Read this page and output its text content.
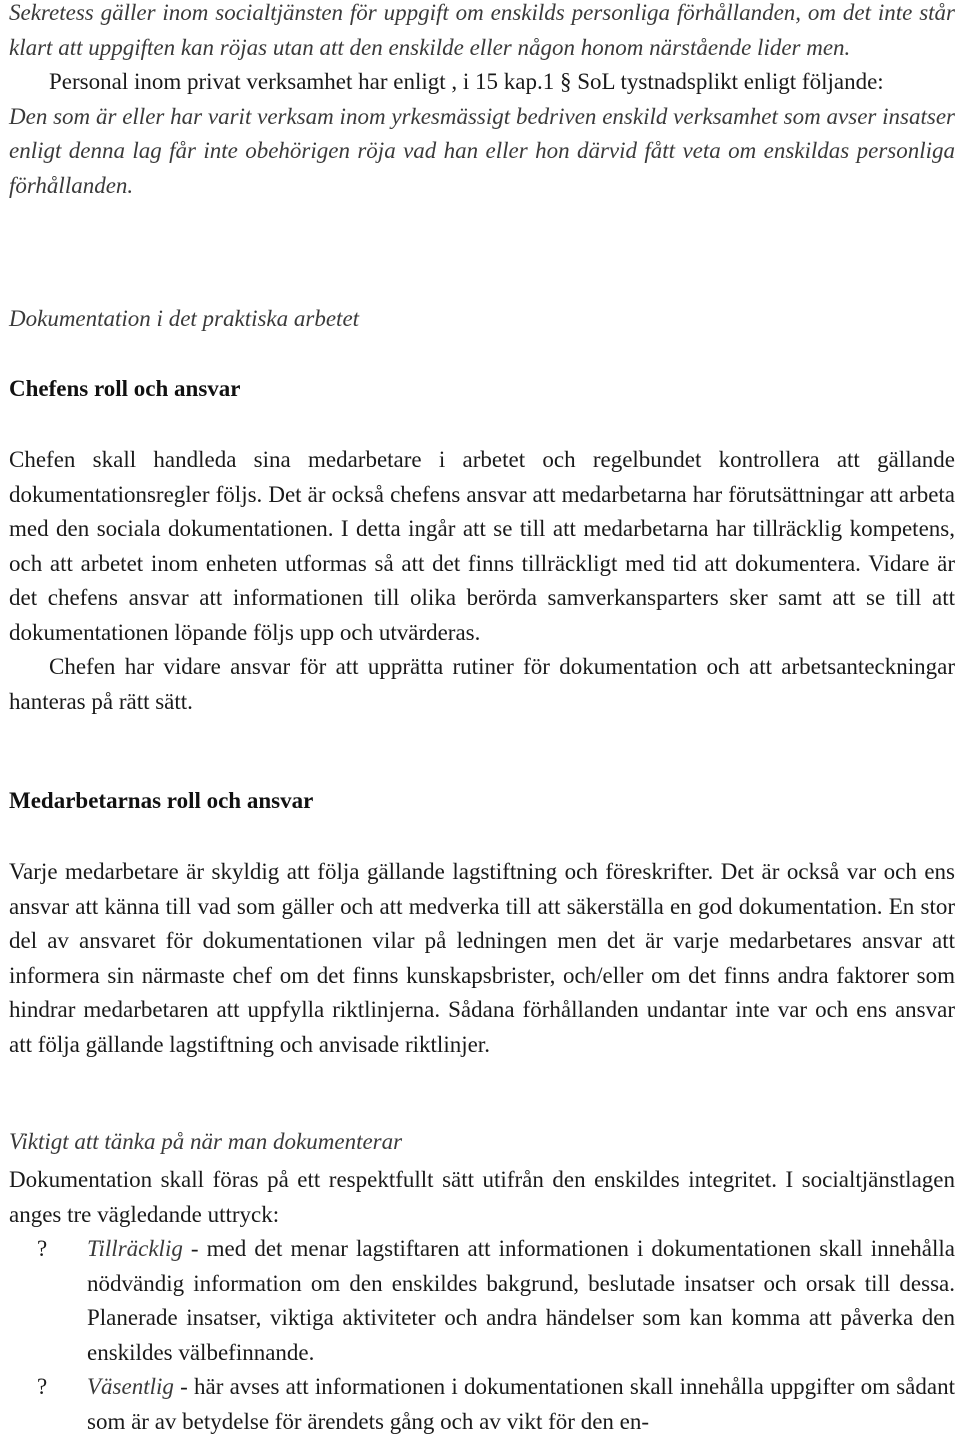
Sekretess gäller inom socialtjänsten för uppgift om enskilds personliga förhållanden, om det inte står klart att uppgiften kan röjas utan att den enskilde eller någon honom närstående lider men.

Personal inom privat verksamhet har enligt , i 15 kap.1 § SoL tystnadsplikt enligt följande:

Den som är eller har varit verksam inom yrkesmässigt bedriven enskild verksamhet som avser insatser enligt denna lag får inte obehörigen röja vad han eller hon därvid fått veta om enskildas personliga förhållanden.

Dokumentation i det praktiska arbetet

Chefens roll och ansvar

Chefen skall handleda sina medarbetare i arbetet och regelbundet kontrollera att gällande dokumentationsregler följs. Det är också chefens ansvar att medarbetarna har förutsättningar att arbeta med den sociala dokumentationen. I detta ingår att se till att medarbetarna har tillräcklig kompetens, och att arbetet inom enheten utformas så att det finns tillräckligt med tid att dokumentera. Vidare är det chefens ansvar att informationen till olika berörda samverkansparters sker samt att se till att dokumentationen löpande följs upp och utvärderas.

Chefen har vidare ansvar för att upprätta rutiner för dokumentation och att arbetsanteckningar hanteras på rätt sätt.

Medarbetarnas roll och ansvar

Varje medarbetare är skyldig att följa gällande lagstiftning och föreskrifter. Det är också var och ens ansvar att känna till vad som gäller och att medverka till att säkerställa en god dokumentation. En stor del av ansvaret för dokumentationen vilar på ledningen men det är varje medarbetares ansvar att informera sin närmaste chef om det finns kunskapsbrister, och/eller om det finns andra faktorer som hindrar medarbetaren att uppfylla riktlinjerna. Sådana förhållanden undantar inte var och ens ansvar att följa gällande lagstiftning och anvisade riktlinjer.

Viktigt att tänka på när man dokumenterar

Dokumentation skall föras på ett respektfullt sätt utifrån den enskildes integritet. I socialtjänstlagen anges tre vägledande uttryck:

? Tillräcklig - med det menar lagstiftaren att informationen i dokumentationen skall innehålla nödvändig information om den enskildes bakgrund, beslutade insatser och orsak till dessa. Planerade insatser, viktiga aktiviteter och andra händelser som kan komma att påverka den enskildes välbefinnande.
? Väsentlig - här avses att informationen i dokumentationen skall innehålla uppgifter om sådant som är av betydelse för ärendets gång och av vikt för den en-
